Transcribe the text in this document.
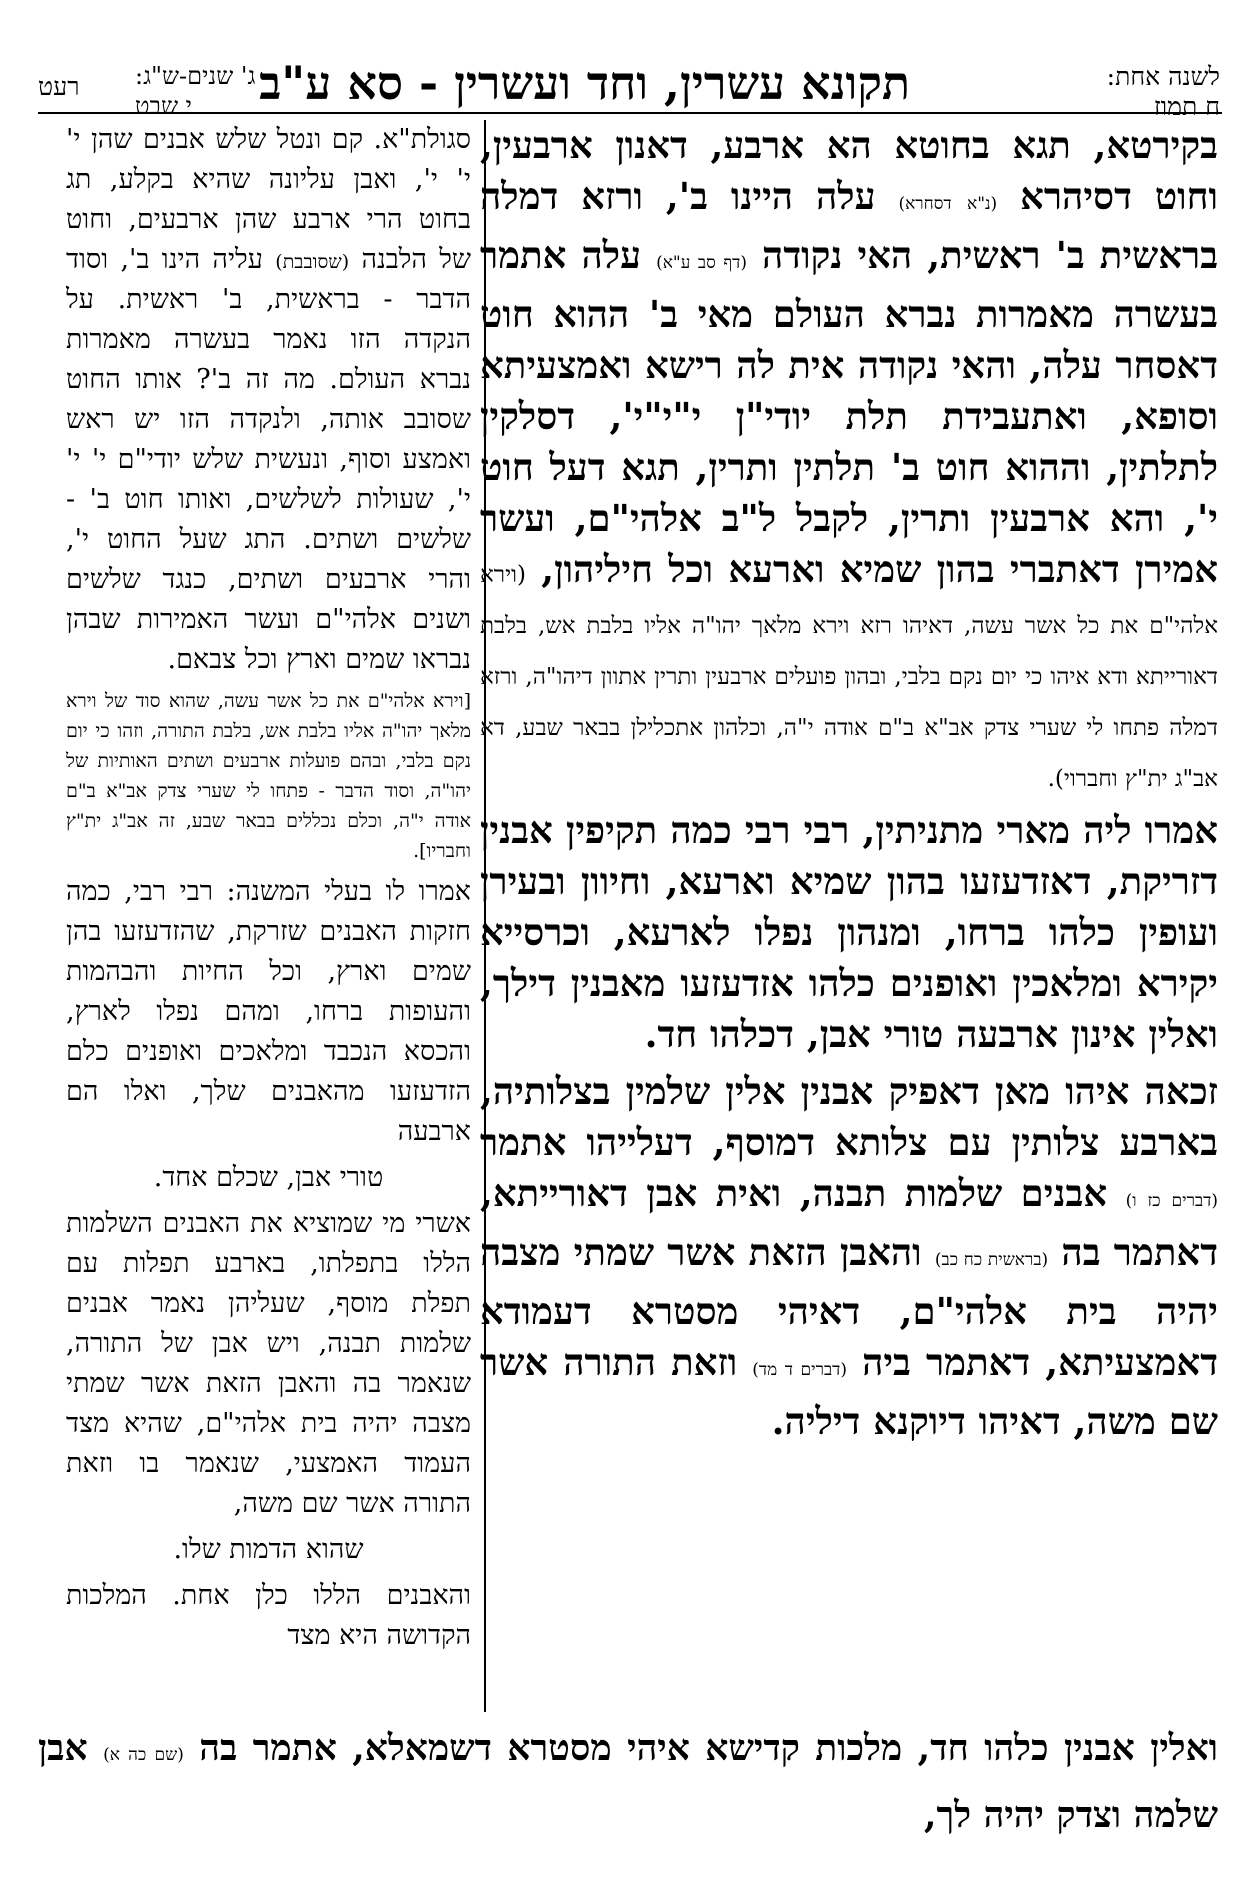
לשנה אחת:
ח תמוז
תקונא עשרין, וחד ועשרין - סא ע"ב
ג' שנים-ש"ג:
י שבט
רעט

בקירטא, תגא בחוטא הא ארבע, דאנון ארבעין, וחוט דסיהרא (נ"א דסחרא) עלה היינו ב', ורזא דמלה בראשית ב' ראשית, האי נקודה (דף סב ע"א) עלה אתמר בעשרה מאמרות נברא העולם מאי ב' ההוא חוט דאסחר עלה, והאי נקודה אית לה רישא ואמצעיתא וסופא, ואתעבידת תלת יודי"ן י"י"י', דסלקין לתלתין, וההוא חוט ב' תלתין ותרין, תגא דעל חוט י', והא ארבעין ותרין, לקבל ל"ב אלהי"ם, ועשר אמירן דאתברי בהון שמיא וארעא וכל חיליהון, (וירא אלהי"ם את כל אשר עשה, דאיהו רזא וירא מלאך יהו"ה אליו בלבת אש, בלבת דאורייתא ודא איהו כי יום נקם בלבי, ובהון פועלים ארבעין ותרין אתוון דיהו"ה, ורזא דמלה פתחו לי שערי צדק אב"א ב"ם אודה י"ה, וכלהון אתכלילן בבאר שבע, דא אב"ג ית"ץ וחברוי).

אמרו ליה מארי מתניתין, רבי רבי כמה תקיפין אבנין דזריקת, דאזדעזעו בהון שמיא וארעא, וחיוון ובעירן ועופין כלהו ברחו, ומנהון נפלו לארעא, וכרסייא יקירא ומלאכין ואופנים כלהו אזדעזעו מאבנין דילך, ואלין אינון ארבעה טורי אבן, דכלהו חד.

זכאה איהו מאן דאפיק אבנין אלין שלמין בצלותיה, בארבע צלותין עם צלותא דמוסף, דעלייהו אתמר (דברים כז ו) אבנים שלמות תבנה, ואית אבן דאורייתא, דאתמר בה (בראשית כח כב) והאבן הזאת אשר שמתי מצבה יהיה בית אלהי"ם, דאיהי מסטרא דעמודא דאמצעיתא, דאתמר ביה (דברים ד מד) וזאת התורה אשר שם משה, דאיהו דיוקנא דיליה.

סגולת"א. קם ונטל שלש אבנים שהן י' י' י', ואבן עליונה שהיא בקלע, תג בחוט הרי ארבע שהן ארבעים, וחוט של הלבנה (שסובבת) עליה הינו ב', וסוד הדבר - בראשית, ב' ראשית. על הנקדה הזו נאמר בעשרה מאמרות נברא העולם. מה זה ב'? אותו החוט שסובב אותה, ולנקדה הזו יש ראש ואמצע וסוף, ונעשית שלש יודי"ם י' י' י', שעולות לשלשים, ואותו חוט ב' - שלשים ושתים. התג שעל החוט י', והרי ארבעים ושתים, כנגד שלשים ושנים אלהי"ם ועשר האמירות שבהן נבראו שמים וארץ וכל צבאם.

[וירא אלהי"ם את כל אשר עשה, שהוא סוד של וירא מלאך יהו"ה אליו בלבת אש, בלבת התורה, וזהו כי יום נקם בלבי, ובהם פועלות ארבעים ושתים האותיות של יהו"ה, וסוד הדבר - פתחו לי שערי צדק אב"א ב"ם אודה י"ה, וכלם נכללים בבאר שבע, זה אב"ג ית"ץ וחבריו].

אמרו לו בעלי המשנה: רבי רבי, כמה חזקות האבנים שזרקת, שהזדעזעו בהן שמים וארץ, וכל החיות והבהמות והעופות ברחו, ומהם נפלו לארץ, והכסא הנכבד ומלאכים ואופנים כלם הזדעזעו מהאבנים שלך, ואלו הם ארבעה

טורי אבן, שכלם אחד.

אשרי מי שמוציא את האבנים השלמות הללו בתפלתו, בארבע תפלות עם תפלת מוסף, שעליהן נאמר אבנים שלמות תבנה, ויש אבן של התורה, שנאמר בה והאבן הזאת אשר שמתי מצבה יהיה בית אלהי"ם, שהיא מצד העמוד האמצעי, שנאמר בו וזאת התורה אשר שם משה,

שהוא הדמות שלו.

והאבנים הללו כלן אחת. המלכות הקדושה היא מצד

ואלין אבנין כלהו חד, מלכות קדישא איהי מסטרא דשמאלא, אתמר בה (שם כה א) אבן שלמה וצדק יהיה לך,
